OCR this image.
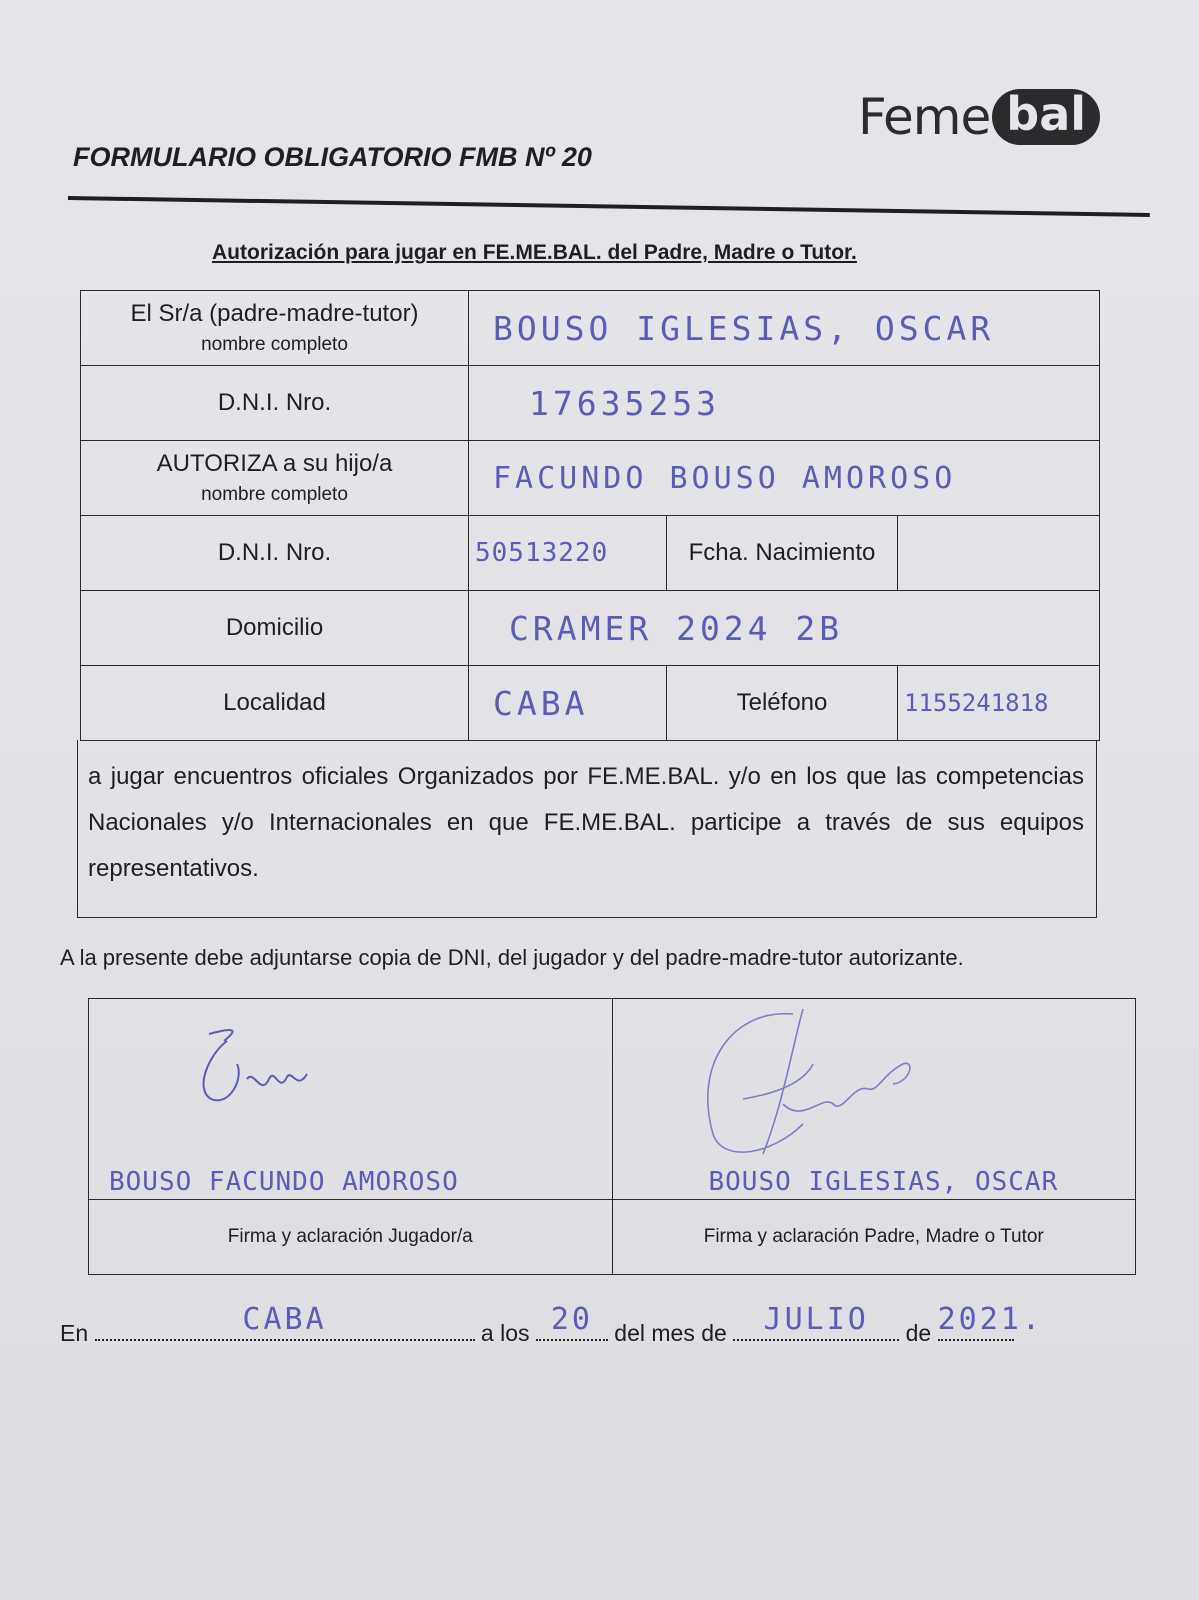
Feme bal
FORMULARIO OBLIGATORIO FMB Nº 20
Autorización para jugar en FE.ME.BAL. del Padre, Madre o Tutor.
El Sr/a (padre-madre-tutor)
nombre completo	BOUSO IGLESIAS, OSCAR		
D.N.I. Nro.	17635253		
AUTORIZA a su hijo/a
nombre completo	FACUNDO BOUSO AMOROSO		
D.N.I. Nro.	50513220	Fcha. Nacimiento	
Domicilio	CRAMER 2024 2B		
Localidad	CABA	Teléfono	1155241818
a jugar encuentros oficiales Organizados por FE.ME.BAL. y/o en los que las competencias Nacionales y/o Internacionales en que FE.ME.BAL. participe a través de sus equipos representativos.
A la presente debe adjuntarse copia de DNI, del jugador y del padre-madre-tutor autorizante.
BOUSO FACUNDO AMOROSO	BOUSO IGLESIAS, OSCAR

Firma y aclaración Jugador/a	Firma y aclaración Padre, Madre o Tutor
En	CABA	a los 20 del mes de	JULIO	de 2021.
